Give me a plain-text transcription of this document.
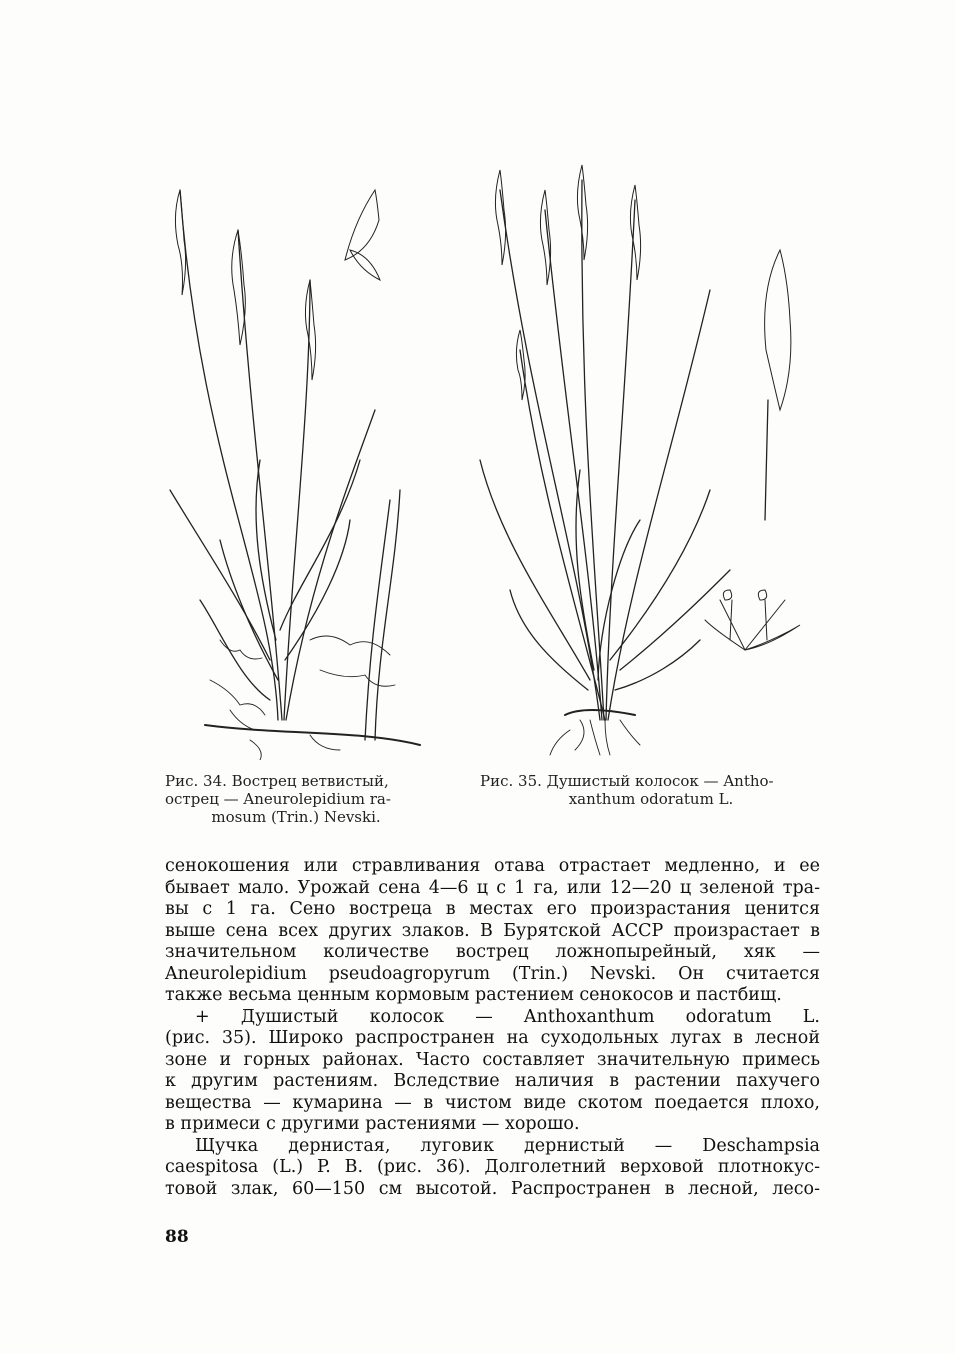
Рис. 34. Вострец ветвистый,
острец — Aneurolepidium ra-
mosum (Trin.) Nevski.
Рис. 35. Душистый колосок — Antho-
xanthum odoratum L.
сенокошения или стравливания отава отрастает медленно, и ее
бывает мало. Урожай сена 4—6 ц с 1 га, или 12—20 ц зеленой тра-
вы с 1 га. Сено востреца в местах его произрастания ценится
выше сена всех других злаков. В Бурятской АССР произрастает в
значительном количестве вострец ложнопырейный, хяк —
Aneurolepidium pseudoagropyrum (Trin.) Nevski. Он считается
также весьма ценным кормовым растением сенокосов и пастбищ.
+ Душистый колосок — Anthoxanthum odoratum L.
(рис. 35). Широко распространен на суходольных лугах в лесной
зоне и горных районах. Часто составляет значительную примесь
к другим растениям. Вследствие наличия в растении пахучего
вещества — кумарина — в чистом виде скотом поедается плохо,
в примеси с другими растениями — хорошо.
Щучка дернистая, луговик дернистый — Deschampsia
caespitosa (L.) P. B. (рис. 36). Долголетний верховой плотнокус-
товой злак, 60—150 см высотой. Распространен в лесной, лесо-
88
